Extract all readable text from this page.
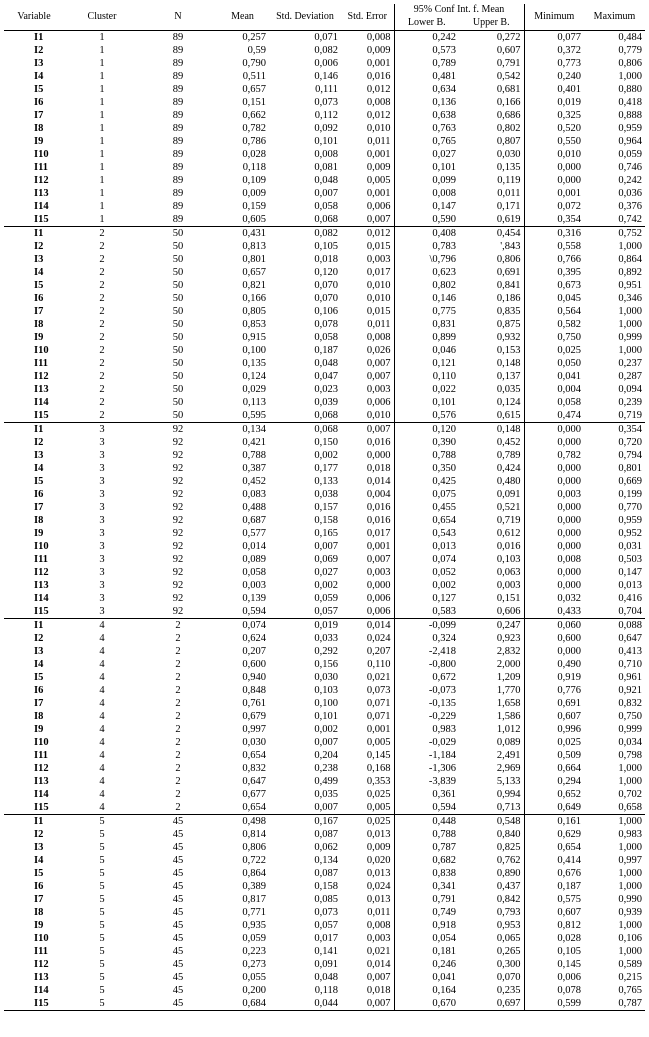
Variable	Cluster	N	Mean	Std. Deviation	Std. Error	95% Conf Int. f. Mean		Minimum	Maximum
						Lower B.	Upper B.		
I1	1	89	0,257	0,071	0,008	0,242	0,272	0,077	0,484
I2	1	89	0,59	0,082	0,009	0,573	0,607	0,372	0,779
I3	1	89	0,790	0,006	0,001	0,789	0,791	0,773	0,806
I4	1	89	0,511	0,146	0,016	0,481	0,542	0,240	1,000
I5	1	89	0,657	0,111	0,012	0,634	0,681	0,401	0,880
I6	1	89	0,151	0,073	0,008	0,136	0,166	0,019	0,418
I7	1	89	0,662	0,112	0,012	0,638	0,686	0,325	0,888
I8	1	89	0,782	0,092	0,010	0,763	0,802	0,520	0,959
I9	1	89	0,786	0,101	0,011	0,765	0,807	0,550	0,964
I10	1	89	0,028	0,008	0,001	0,027	0,030	0,010	0,059
I11	1	89	0,118	0,081	0,009	0,101	0,135	0,000	0,746
I12	1	89	0,109	0,048	0,005	0,099	0,119	0,000	0,242
I13	1	89	0,009	0,007	0,001	0,008	0,011	0,001	0,036
I14	1	89	0,159	0,058	0,006	0,147	0,171	0,072	0,376
I15	1	89	0,605	0,068	0,007	0,590	0,619	0,354	0,742
I1	2	50	0,431	0,082	0,012	0,408	0,454	0,316	0,752
I2	2	50	0,813	0,105	0,015	0,783	',843	0,558	1,000
I3	2	50	0,801	0,018	0,003	\0,796	0,806	0,766	0,864
I4	2	50	0,657	0,120	0,017	0,623	0,691	0,395	0,892
I5	2	50	0,821	0,070	0,010	0,802	0,841	0,673	0,951
I6	2	50	0,166	0,070	0,010	0,146	0,186	0,045	0,346
I7	2	50	0,805	0,106	0,015	0,775	0,835	0,564	1,000
I8	2	50	0,853	0,078	0,011	0,831	0,875	0,582	1,000
I9	2	50	0,915	0,058	0,008	0,899	0,932	0,750	0,999
I10	2	50	0,100	0,187	0,026	0,046	0,153	0,025	1,000
I11	2	50	0,135	0,048	0,007	0,121	0,148	0,050	0,237
I12	2	50	0,124	0,047	0,007	0,110	0,137	0,041	0,287
I13	2	50	0,029	0,023	0,003	0,022	0,035	0,004	0,094
I14	2	50	0,113	0,039	0,006	0,101	0,124	0,058	0,239
I15	2	50	0,595	0,068	0,010	0,576	0,615	0,474	0,719
I1	3	92	0,134	0,068	0,007	0,120	0,148	0,000	0,354
I2	3	92	0,421	0,150	0,016	0,390	0,452	0,000	0,720
I3	3	92	0,788	0,002	0,000	0,788	0,789	0,782	0,794
I4	3	92	0,387	0,177	0,018	0,350	0,424	0,000	0,801
I5	3	92	0,452	0,133	0,014	0,425	0,480	0,000	0,669
I6	3	92	0,083	0,038	0,004	0,075	0,091	0,003	0,199
I7	3	92	0,488	0,157	0,016	0,455	0,521	0,000	0,770
I8	3	92	0,687	0,158	0,016	0,654	0,719	0,000	0,959
I9	3	92	0,577	0,165	0,017	0,543	0,612	0,000	0,952
I10	3	92	0,014	0,007	0,001	0,013	0,016	0,000	0,031
I11	3	92	0,089	0,069	0,007	0,074	0,103	0,008	0,503
I12	3	92	0,058	0,027	0,003	0,052	0,063	0,000	0,147
I13	3	92	0,003	0,002	0,000	0,002	0,003	0,000	0,013
I14	3	92	0,139	0,059	0,006	0,127	0,151	0,032	0,416
I15	3	92	0,594	0,057	0,006	0,583	0,606	0,433	0,704
I1	4	2	0,074	0,019	0,014	-0,099	0,247	0,060	0,088
I2	4	2	0,624	0,033	0,024	0,324	0,923	0,600	0,647
I3	4	2	0,207	0,292	0,207	-2,418	2,832	0,000	0,413
I4	4	2	0,600	0,156	0,110	-0,800	2,000	0,490	0,710
I5	4	2	0,940	0,030	0,021	0,672	1,209	0,919	0,961
I6	4	2	0,848	0,103	0,073	-0,073	1,770	0,776	0,921
I7	4	2	0,761	0,100	0,071	-0,135	1,658	0,691	0,832
I8	4	2	0,679	0,101	0,071	-0,229	1,586	0,607	0,750
I9	4	2	0,997	0,002	0,001	0,983	1,012	0,996	0,999
I10	4	2	0,030	0,007	0,005	-0,029	0,089	0,025	0,034
I11	4	2	0,654	0,204	0,145	-1,184	2,491	0,509	0,798
I12	4	2	0,832	0,238	0,168	-1,306	2,969	0,664	1,000
I13	4	2	0,647	0,499	0,353	-3,839	5,133	0,294	1,000
I14	4	2	0,677	0,035	0,025	0,361	0,994	0,652	0,702
I15	4	2	0,654	0,007	0,005	0,594	0,713	0,649	0,658
I1	5	45	0,498	0,167	0,025	0,448	0,548	0,161	1,000
I2	5	45	0,814	0,087	0,013	0,788	0,840	0,629	0,983
I3	5	45	0,806	0,062	0,009	0,787	0,825	0,654	1,000
I4	5	45	0,722	0,134	0,020	0,682	0,762	0,414	0,997
I5	5	45	0,864	0,087	0,013	0,838	0,890	0,676	1,000
I6	5	45	0,389	0,158	0,024	0,341	0,437	0,187	1,000
I7	5	45	0,817	0,085	0,013	0,791	0,842	0,575	0,990
I8	5	45	0,771	0,073	0,011	0,749	0,793	0,607	0,939
I9	5	45	0,935	0,057	0,008	0,918	0,953	0,812	1,000
I10	5	45	0,059	0,017	0,003	0,054	0,065	0,028	0,106
I11	5	45	0,223	0,141	0,021	0,181	0,265	0,105	1,000
I12	5	45	0,273	0,091	0,014	0,246	0,300	0,145	0,589
I13	5	45	0,055	0,048	0,007	0,041	0,070	0,006	0,215
I14	5	45	0,200	0,118	0,018	0,164	0,235	0,078	0,765
I15	5	45	0,684	0,044	0,007	0,670	0,697	0,599	0,787
